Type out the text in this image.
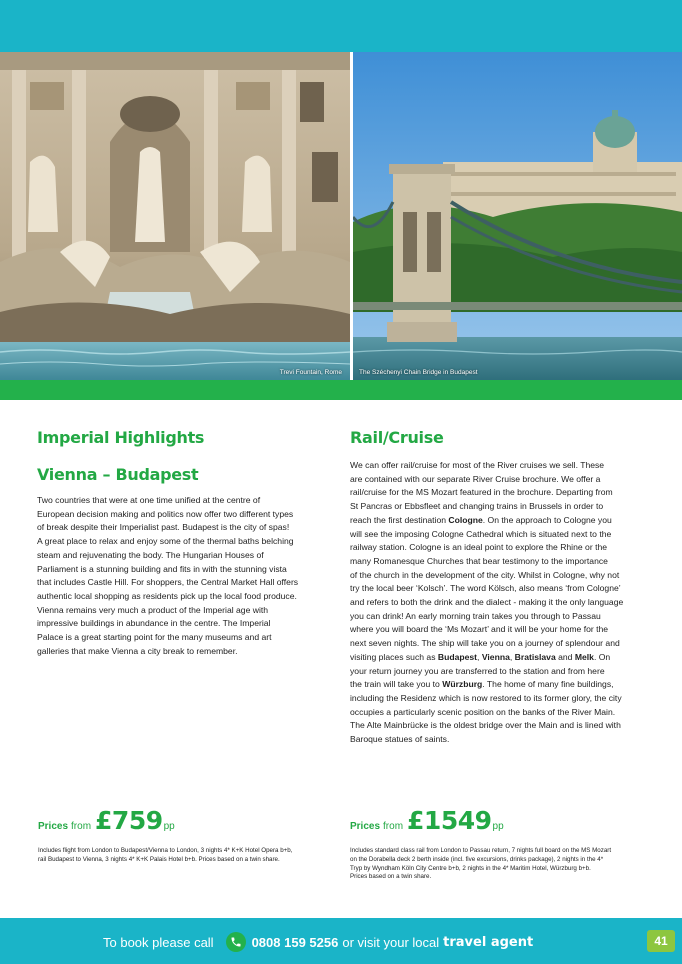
Trevi Fountain, Rome	The Széchenyi Chain Bridge in Budapest
Imperial Highlights
Vienna – Budapest
Two countries that were at one time unified at the centre of
European decision making and politics now offer two different types
of break despite their Imperialist past. Budapest is the city of spas!
A great place to relax and enjoy some of the thermal baths belching
steam and rejuvenating the body. The Hungarian Houses of
Parliament is a stunning building and fits in with the stunning vista
that includes Castle Hill. For shoppers, the Central Market Hall offers
authentic local shopping as residents pick up the local food produce.
Vienna remains very much a product of the Imperial age with
impressive buildings in abundance in the centre. The Imperial
Palace is a great starting point for the many museums and art
galleries that make Vienna a city break to remember.
Rail/Cruise
We can offer rail/cruise for most of the River cruises we sell. These
are contained with our separate River Cruise brochure. We offer a
rail/cruise for the MS Mozart featured in the brochure. Departing from
St Pancras or Ebbsfleet and changing trains in Brussels in order to
reach the first destination Cologne. On the approach to Cologne you
will see the imposing Cologne Cathedral which is situated next to the
railway station. Cologne is an ideal point to explore the Rhine or the
many Romanesque Churches that bear testimony to the importance
of the church in the development of the city. Whilst in Cologne, why not
try the local beer ‘Kolsch’. The word Kölsch, also means ‘from Cologne’
and refers to both the drink and the dialect - making it the only language
you can drink! An early morning train takes you through to Passau
where you will board the ‘Ms Mozart’ and it will be your home for the
next seven nights. The ship will take you on a journey of splendour and
visiting places such as Budapest, Vienna, Bratislava and Melk. On
your return journey you are transferred to the station and from here
the train will take you to Würzburg. The home of many fine buildings,
including the Residenz which is now restored to its former glory, the city
occupies a particularly scenic position on the banks of the River Main.
The Alte Mainbrücke is the oldest bridge over the Main and is lined with
Baroque statues of saints.
Prices from £759 pp
Includes flight from London to Budapest/Vienna to London, 3 nights 4* K+K Hotel Opera b+b,
rail Budapest to Vienna, 3 nights 4* K+K Palais Hotel b+b. Prices based on a twin share.
Prices from £1549 pp
Includes standard class rail from London to Passau return, 7 nights full board on the MS Mozart
on the Dorabella deck 2 berth inside (incl. five excursions, drinks package), 2 nights in the 4*
Tryp by Wyndham Köln City Centre b+b, 2 nights in the 4* Maritim Hotel, Würzburg b+b.
Prices based on a twin share.
To book please call	0808 159 5256 or visit your local travel agent	41
